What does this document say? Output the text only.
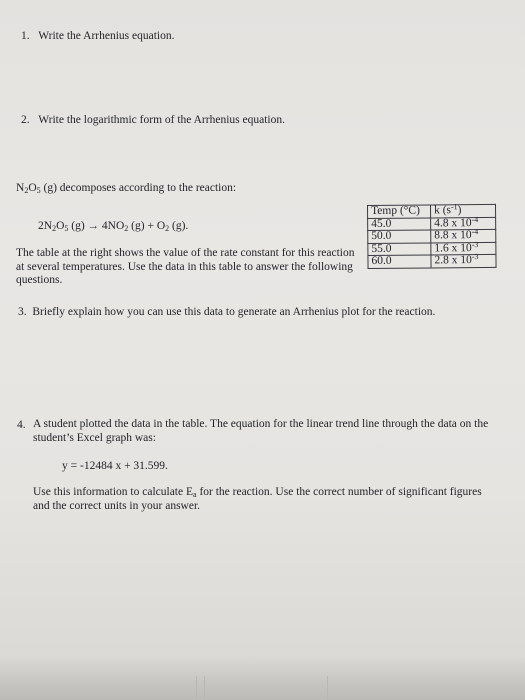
1. Write the Arrhenius equation.
2. Write the logarithmic form of the Arrhenius equation.
$N_2O_5$ (g) decomposes according to the reaction:
$2N_2O_5$ $(g) \to 4NO_2$ $(g) + O_2$ (g).
The table at the right shows the value of the rate constant for this reaction at several temperatures. Use the data in this table to answer the following questions.
Temp (°C)	k $(s^{-1})$
45.0	4.8 x $10^{-4}$
50.0	8.8 x $10^{-4}$
55.0	1.6 x $10^{-3}$
60.0	2.8 x $10^{-3}$
3. Briefly explain how you can use this data to generate an Arrhenius plot for the reaction.
4. A student plotted the data in the table. The equation for the linear trend line through the data on the student’s Excel graph was:
y = -12484 x + 31.599.
Use this information to calculate $E_a$ for the reaction. Use the correct number of significant figures and the correct units in your answer.
